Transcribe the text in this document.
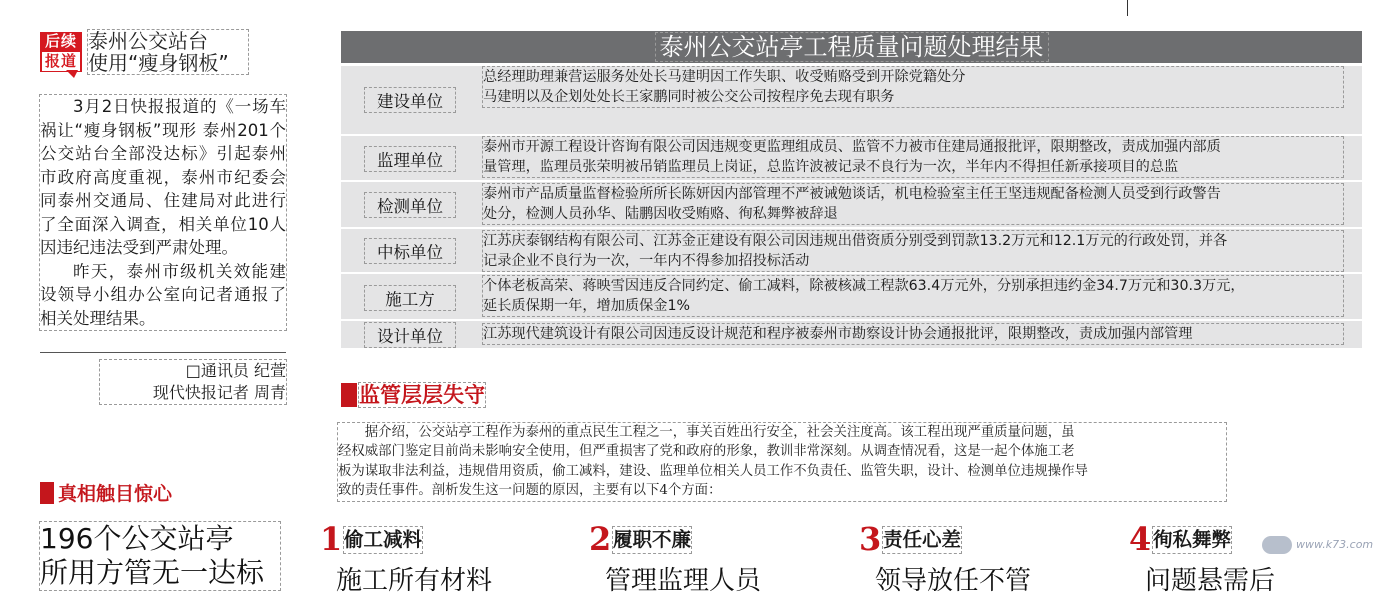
后续
报道
泰州公交站台
使用“瘦身钢板”

3月2日快报报道的《一场车祸让“瘦身钢板”现形 泰州201个公交站台全部没达标》引起泰州市政府高度重视，泰州市纪委会同泰州交通局、住建局对此进行了全面深入调查，相关单位10人因违纪违法受到严肃处理。

昨天，泰州市级机关效能建设领导小组办公室向记者通报了相关处理结果。

□通讯员 纪萱
现代快报记者 周青
真相触目惊心
196个公交站亭
所用方管无一达标
泰州公交站亭工程质量问题处理结果
建设单位
总经理助理兼营运服务处处长马建明因工作失职、收受贿赂受到开除党籍处分
马建明以及企划处处长王家鹏同时被公交公司按程序免去现有职务
监理单位
泰州市开源工程设计咨询有限公司因违规变更监理组成员、监管不力被市住建局通报批评，限期整改，责成加强内部质
量管理，监理员张荣明被吊销监理员上岗证，总监许波被记录不良行为一次，半年内不得担任新承接项目的总监
检测单位
泰州市产品质量监督检验所所长陈妍因内部管理不严被诫勉谈话，机电检验室主任王坚违规配备检测人员受到行政警告
处分，检测人员孙华、陆鹏因收受贿赂、徇私舞弊被辞退
中标单位
江苏庆泰钢结构有限公司、江苏金正建设有限公司因违规出借资质分别受到罚款13.2万元和12.1万元的行政处罚，并各
记录企业不良行为一次，一年内不得参加招投标活动
施工方
个体老板高荣、蒋映雪因违反合同约定、偷工减料，除被核减工程款63.4万元外，分别承担违约金34.7万元和30.3万元，
延长质保期一年，增加质保金1%
设计单位	江苏现代建筑设计有限公司因违反设计规范和程序被泰州市勘察设计协会通报批评，限期整改，责成加强内部管理
监管层层失守
据介绍，公交站亭工程作为泰州的重点民生工程之一，事关百姓出行安全，社会关注度高。该工程出现严重质量问题，虽
经权威部门鉴定目前尚未影响安全使用，但严重损害了党和政府的形象，教训非常深刻。从调查情况看，这是一起个体施工老
板为谋取非法利益，违规借用资质，偷工减料，建设、监理单位相关人员工作不负责任、监管失职，设计、检测单位违规操作导
致的责任事件。剖析发生这一问题的原因，主要有以下4个方面：
1 偷工减料
施工所有材料
2 履职不廉
管理监理人员
3 责任心差
领导放任不管
4 徇私舞弊
问题悬需后
www.k73.com
